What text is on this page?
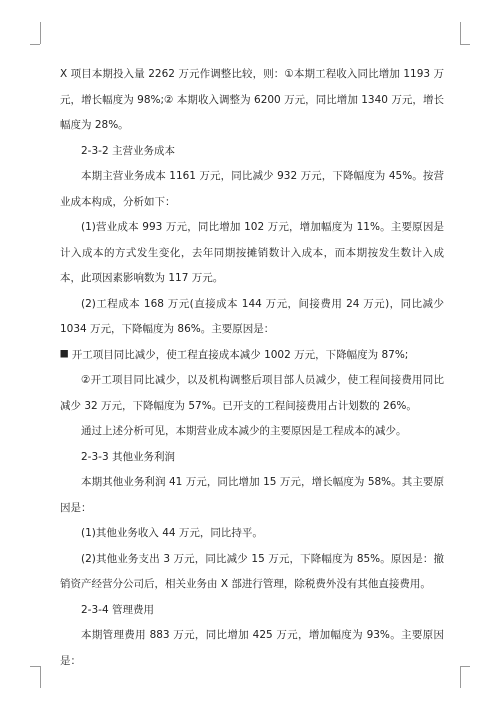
X 项目本期投入量 2262 万元作调整比较，则：①本期工程收入同比增加 1193 万元，增长幅度为 98%;② 本期收入调整为 6200 万元，同比增加 1340 万元，增长幅度为 28%。

2-3-2 主营业务成本

本期主营业务成本 1161 万元，同比减少 932 万元，下降幅度为 45%。按营业成本构成，分析如下：

(1)营业成本 993 万元，同比增加 102 万元，增加幅度为 11%。主要原因是计入成本的方式发生变化，去年同期按摊销数计入成本，而本期按发生数计入成本，此项因素影响数为 117 万元。

(2)工程成本 168 万元(直接成本 144 万元，间接费用 24 万元)，同比减少 1034 万元，下降幅度为 86%。主要原因是：

⯀ 开工项目同比减少，使工程直接成本减少 1002 万元，下降幅度为 87%;

②开工项目同比减少，以及机构调整后项目部人员减少，使工程间接费用同比减少 32 万元，下降幅度为 57%。已开支的工程间接费用占计划数的 26%。

通过上述分析可见，本期营业成本减少的主要原因是工程成本的减少。

2-3-3 其他业务利润

本期其他业务利润 41 万元，同比增加 15 万元，增长幅度为 58%。其主要原因是：

(1)其他业务收入 44 万元，同比持平。

(2)其他业务支出 3 万元，同比减少 15 万元，下降幅度为 85%。原因是：撤销资产经营分公司后，相关业务由 X 部进行管理，除税费外没有其他直接费用。

2-3-4 管理费用

本期管理费用 883 万元，同比增加 425 万元，增加幅度为 93%。主要原因是：
